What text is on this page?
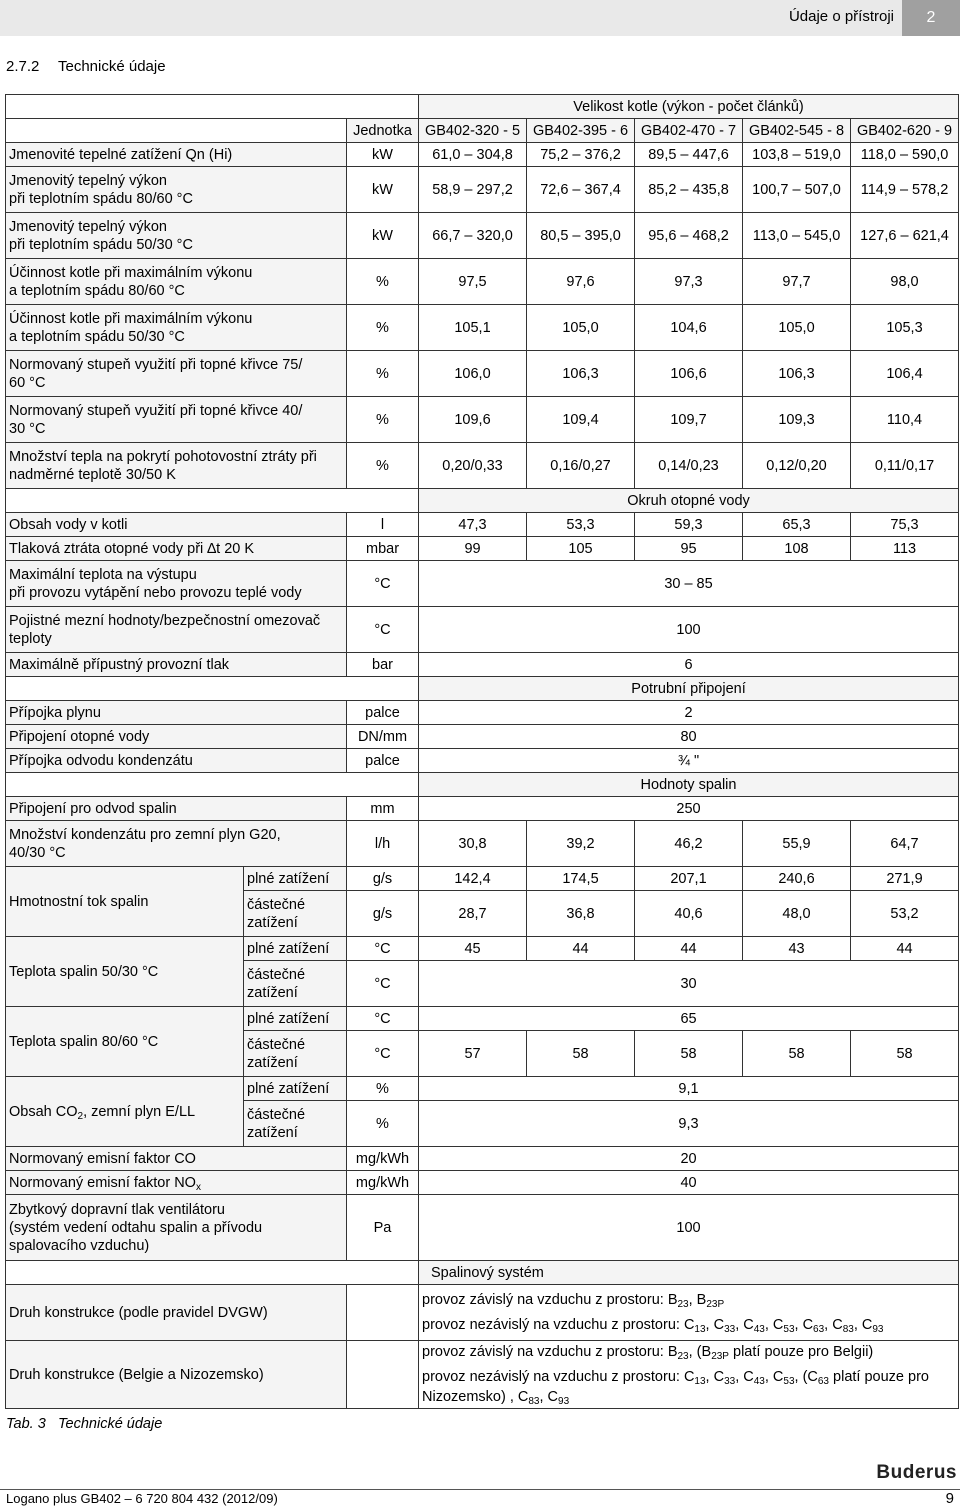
Údaje o přístroji	2
2.7.2 Technické údaje
			Velikost kotle (výkon - počet článků)				
		Jednotka	GB402-320 - 5	GB402-395 - 6	GB402-470 - 7	GB402-545 - 8	GB402-620 - 9
Jmenovité tepelné zatížení Qn (Hi)		kW	61,0 – 304,8	75,2 – 376,2	89,5 – 447,6	103,8 – 519,0	118,0 – 590,0
Jmenovitý tepelný výkon
při teplotním spádu 80/60 °C		kW	58,9 – 297,2	72,6 – 367,4	85,2 – 435,8	100,7 – 507,0	114,9 – 578,2
Jmenovitý tepelný výkon
při teplotním spádu 50/30 °C		kW	66,7 – 320,0	80,5 – 395,0	95,6 – 468,2	113,0 – 545,0	127,6 – 621,4
Účinnost kotle při maximálním výkonu
a teplotním spádu 80/60 °C		%	97,5	97,6	97,3	97,7	98,0
Účinnost kotle při maximálním výkonu
a teplotním spádu 50/30 °C		%	105,1	105,0	104,6	105,0	105,3
Normovaný stupeň využití při topné křivce 75/
60 °C		%	106,0	106,3	106,6	106,3	106,4
Normovaný stupeň využití při topné křivce 40/
30 °C		%	109,6	109,4	109,7	109,3	110,4
Množství tepla na pokrytí pohotovostní ztráty při
nadměrné teplotě 30/50 K		%	0,20/0,33	0,16/0,27	0,14/0,23	0,12/0,20	0,11/0,17
			Okruh otopné vody				
Obsah vody v kotli		l	47,3	53,3	59,3	65,3	75,3
Tlaková ztráta otopné vody při ∆t 20 K		mbar	99	105	95	108	113
Maximální teplota na výstupu
při provozu vytápění nebo provozu teplé vody		°C	30 – 85				
Pojistné mezní hodnoty/bezpečnostní omezovač
teploty		°C	100				
Maximálně přípustný provozní tlak		bar	6				
			Potrubní připojení				
Přípojka plynu		palce	2				
Připojení otopné vody		DN/mm	80				
Přípojka odvodu kondenzátu		palce	¾ "				
			Hodnoty spalin				
Připojení pro odvod spalin		mm	250				
Množství kondenzátu pro zemní plyn G20,
40/30 °C		l/h	30,8	39,2	46,2	55,9	64,7
Hmotnostní tok spalin	plné zatížení	g/s	142,4	174,5	207,1	240,6	271,9
	částečné
zatížení	g/s	28,7	36,8	40,6	48,0	53,2
Teplota spalin 50/30 °C	plné zatížení	°C	45	44	44	43	44
	částečné
zatížení	°C	30				
Teplota spalin 80/60 °C	plné zatížení	°C	65				
	částečné
zatížení	°C	57	58	58	58	58
Obsah $CO_2$, zemní plyn E/LL	plné zatížení	%	9,1				
	částečné
zatížení	%	9,3				
Normovaný emisní faktor CO		mg/kWh	20				
Normovaný emisní faktor $NO_x$		mg/kWh	40				
Zbytkový dopravní tlak ventilátoru
(systém vedení odtahu spalin a přívodu
spalovacího vzduchu)		Pa	100				
			Spalinový systém				
Druh konstrukce (podle pravidel DVGW)			provoz závislý na vzduchu z prostoru: $B_{23}$, $B_{23P}$
provoz nezávislý na vzduchu z prostoru: $C_{13}$, $C_{33}$, $C_{43}$, $C_{53}$, $C_{63}$, $C_{83}$, $C_{93}$

Druh konstrukce (Belgie a Nizozemsko)			provoz závislý na vzduchu z prostoru: $B_{23}$, ($B_{23P}$ platí pouze pro Belgii)
provoz nezávislý na vzduchu z prostoru: $C_{13}$, $C_{33}$, $C_{43}$, $C_{53}$, ($C_{63}$ platí pouze pro Nizozemsko) , $C_{83}$, $C_{93}$
Tab. 3 Technické údaje
Buderus
Logano plus GB402 – 6 720 804 432 (2012/09)	9
